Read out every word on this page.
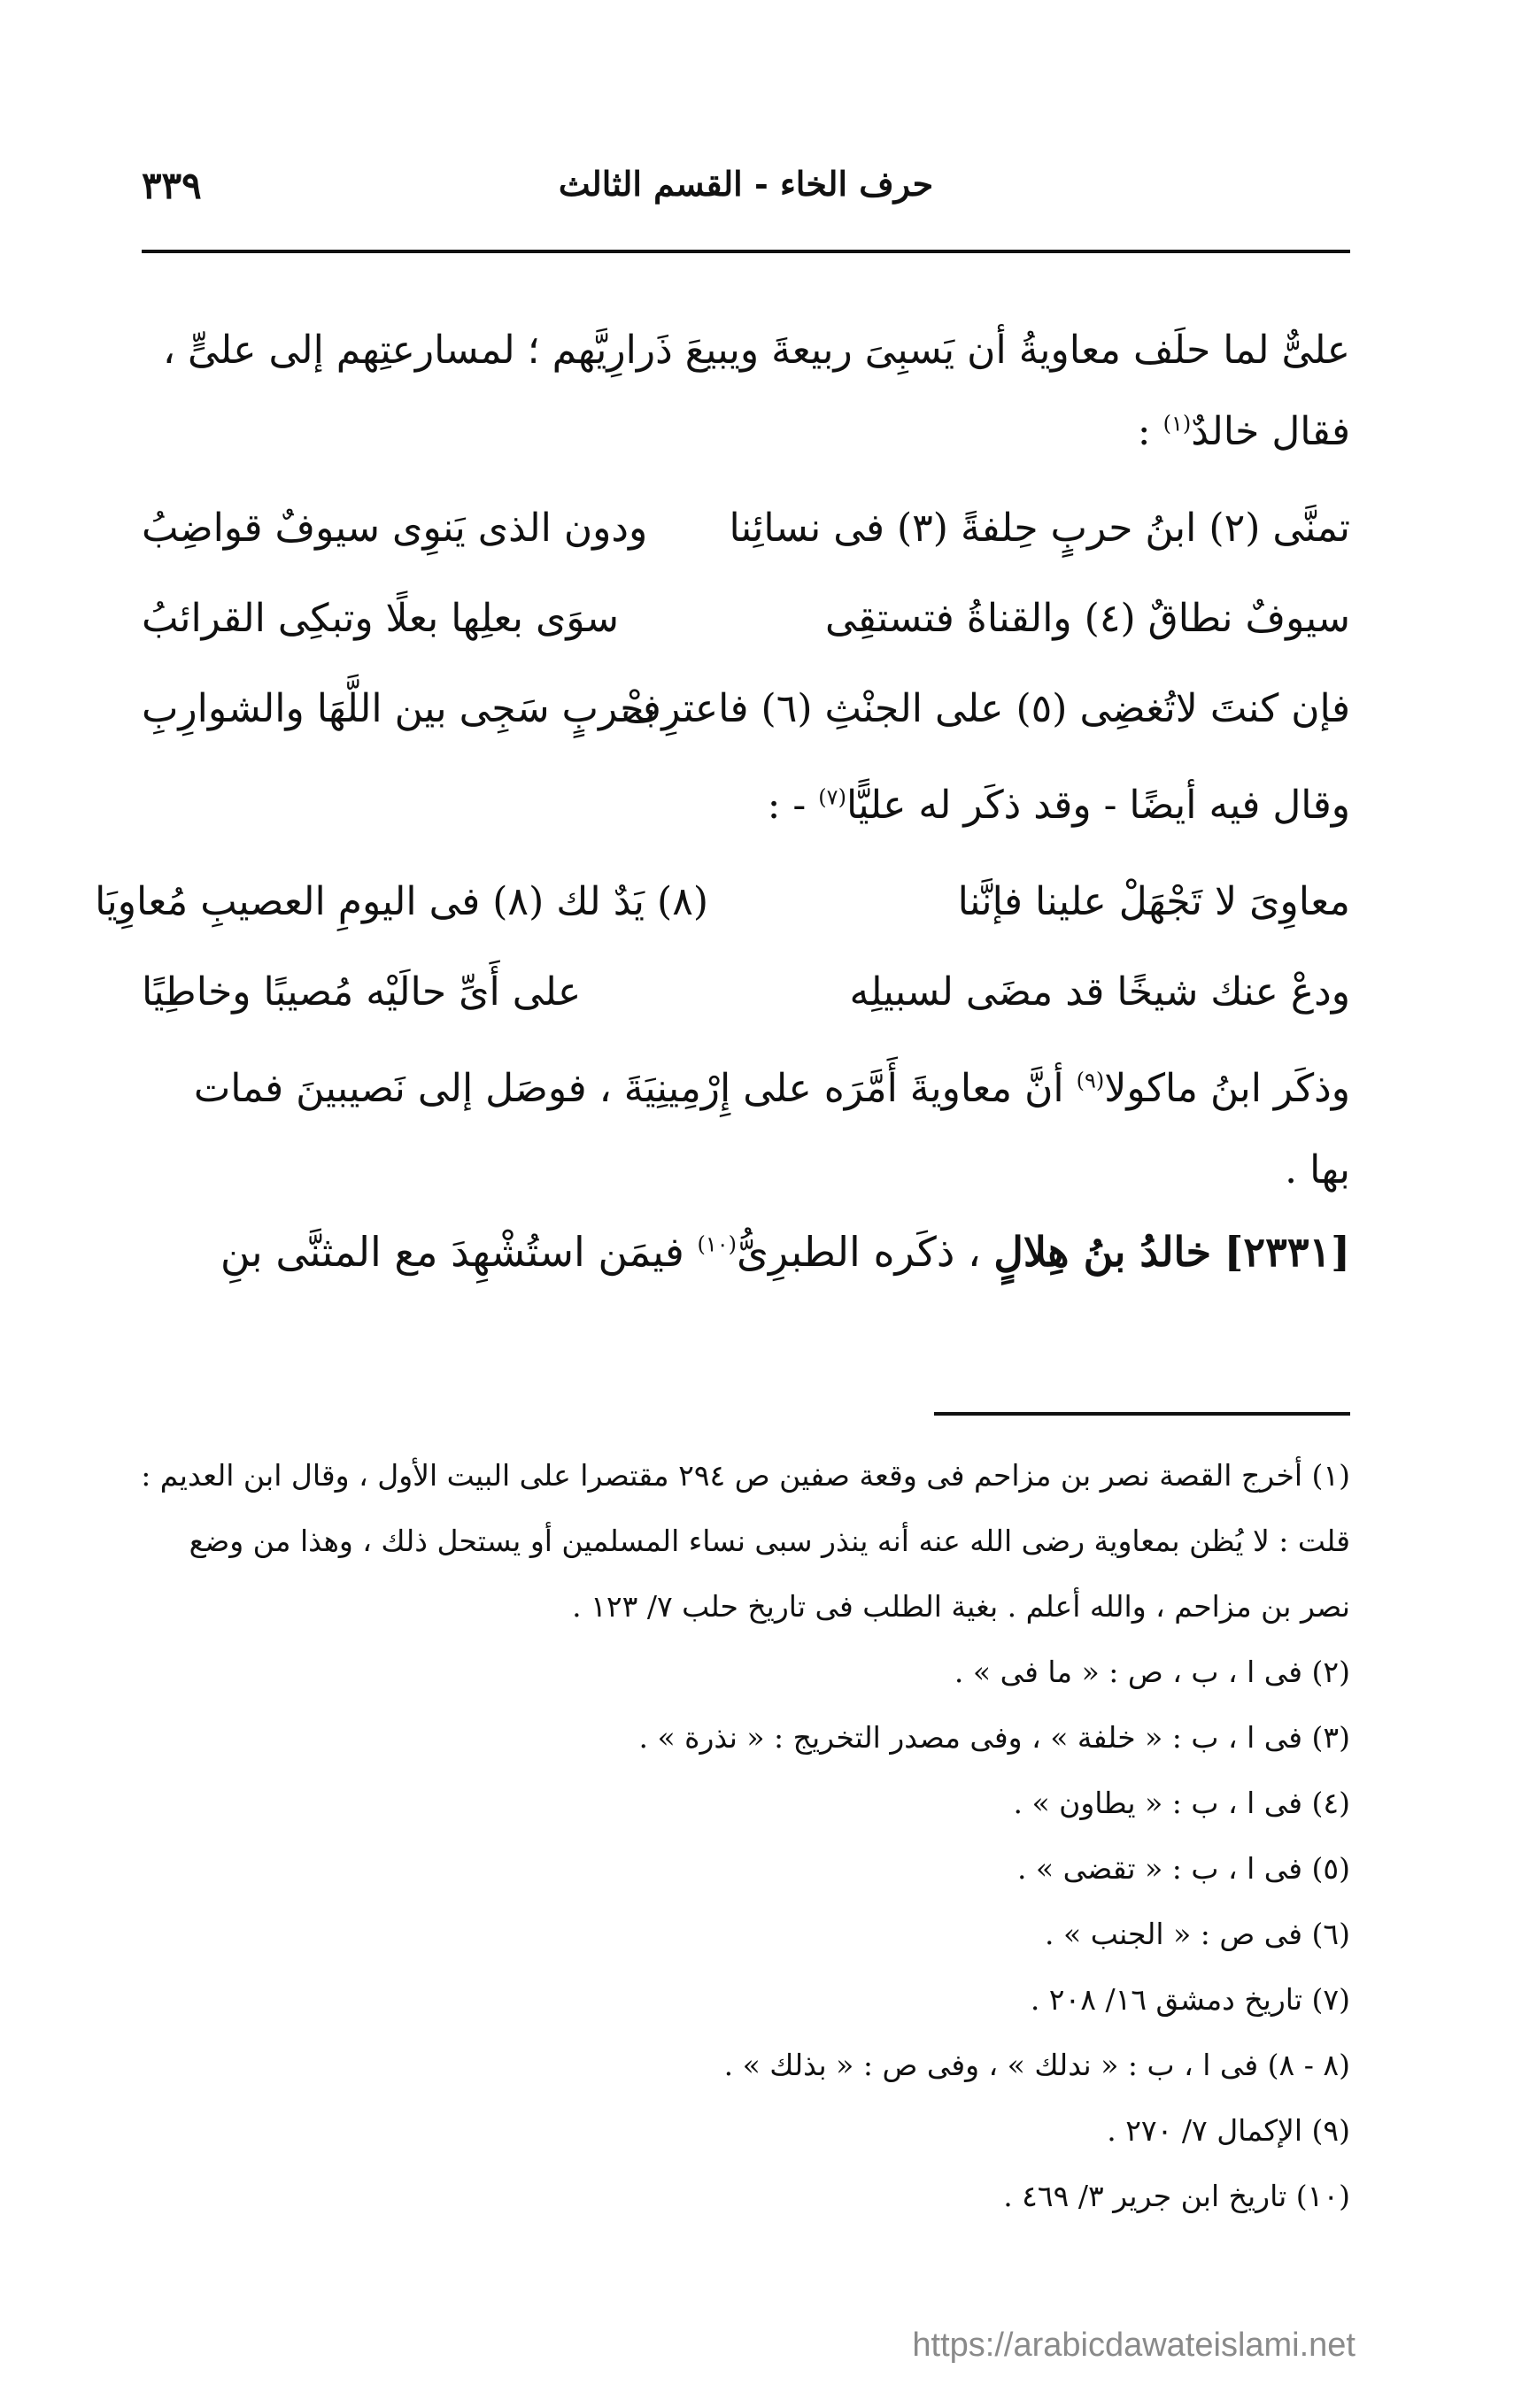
٣٣٩	حرف الخاء - القسم الثالث

علىٌّ لما حلَف معاويةُ أن يَسبِىَ ربيعةَ ويبيعَ ذَرارِيَّهم ؛ لمسارعتِهم إلى علىٍّ ،

فقال خالدٌ$^{(١)}$ :

تمنَّى (٢) ابنُ حربٍ حِلفةً (٣) فى نسائِنا
ودون الذى يَنوِى سيوفٌ قواضِبُ
سيوفٌ نطاقٌ (٤) والقناةُ فتستقِى
سوَى بعلِها بعلًا وتبكِى القرائبُ
فإن كنتَ لاتُغضِى (٥) على الجنْثِ (٦) فاعترِفْ
بحربٍ سَجِى بين اللَّهَا والشوارِبِ

وقال فيه أيضًا - وقد ذكَر له عليًّا$^{(٧)}$ - :

معاوِىَ لا تَجْهَلْ علينا فإنَّنا
(٨) يَدٌ لك (٨) فى اليومِ العصيبِ مُعاوِيَا
ودعْ عنك شيخًا قد مضَى لسبيلِه
على أَىِّ حالَيْه مُصيبًا وخاطِيًا

وذكَر ابنُ ماكولا$^{(٩)}$ أنَّ معاويةَ أَمَّرَه على إِرْمِينِيَةَ ، فوصَل إلى نَصيبينَ فمات

بها .

[٢٣٣١] خالدُ بنُ هِلالٍ ، ذكَره الطبرِىُّ$^{(١٠)}$ فيمَن استُشْهِدَ مع المثنَّى بنِ

(١) أخرج القصة نصر بن مزاحم فى وقعة صفين ص ٢٩٤ مقتصرا على البيت الأول ، وقال ابن العديم :

قلت : لا يُظن بمعاوية رضى الله عنه أنه ينذر سبى نساء المسلمين أو يستحل ذلك ، وهذا من وضع

نصر بن مزاحم ، والله أعلم . بغية الطلب فى تاريخ حلب ٧/ ١٢٣ .

(٢) فى ا ، ب ، ص : « ما فى » .

(٣) فى ا ، ب : « خلفة » ، وفى مصدر التخريج : « نذرة » .

(٤) فى ا ، ب : « يطاون » .

(٥) فى ا ، ب : « تقضى » .

(٦) فى ص : « الجنب » .

(٧) تاريخ دمشق ١٦/ ٢٠٨ .

(٨ - ٨) فى ا ، ب : « ندلك » ، وفى ص : « بذلك » .

(٩) الإكمال ٧/ ٢٧٠ .

(١٠) تاريخ ابن جرير ٣/ ٤٦٩ .

https://arabicdawateislami.net
